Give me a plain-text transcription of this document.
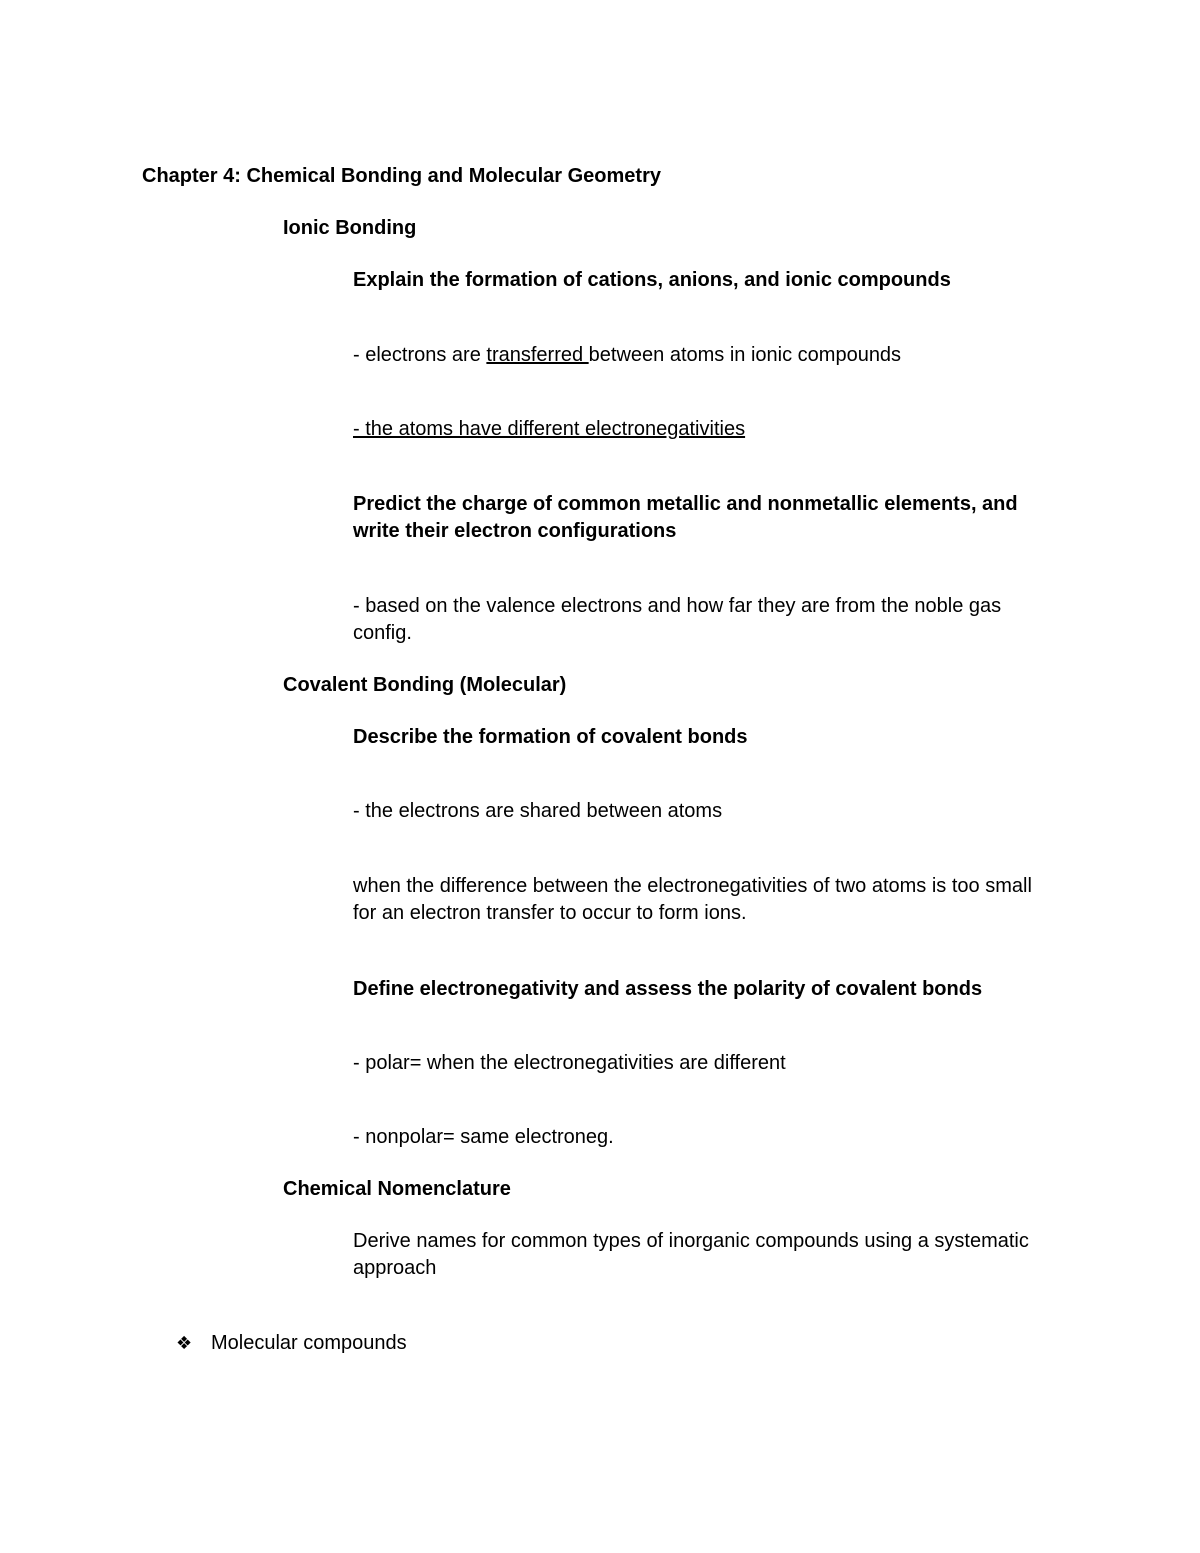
Chapter 4: Chemical Bonding and Molecular Geometry
Ionic Bonding
Explain the formation of cations, anions, and ionic compounds
- electrons are transferred between atoms in ionic compounds
- the atoms have different electronegativities
Predict the charge of common metallic and nonmetallic elements, and
write their electron configurations
- based on the valence electrons and how far they are from the noble gas
config.
Covalent Bonding (Molecular)
Describe the formation of covalent bonds
- the electrons are shared between atoms
when the difference between the electronegativities of two atoms is too small
for an electron transfer to occur to form ions.
Define electronegativity and assess the polarity of covalent bonds
- polar= when the electronegativities are different
- nonpolar= same electroneg.
Chemical Nomenclature
Derive names for common types of inorganic compounds using a systematic
approach
❖ Molecular compounds
